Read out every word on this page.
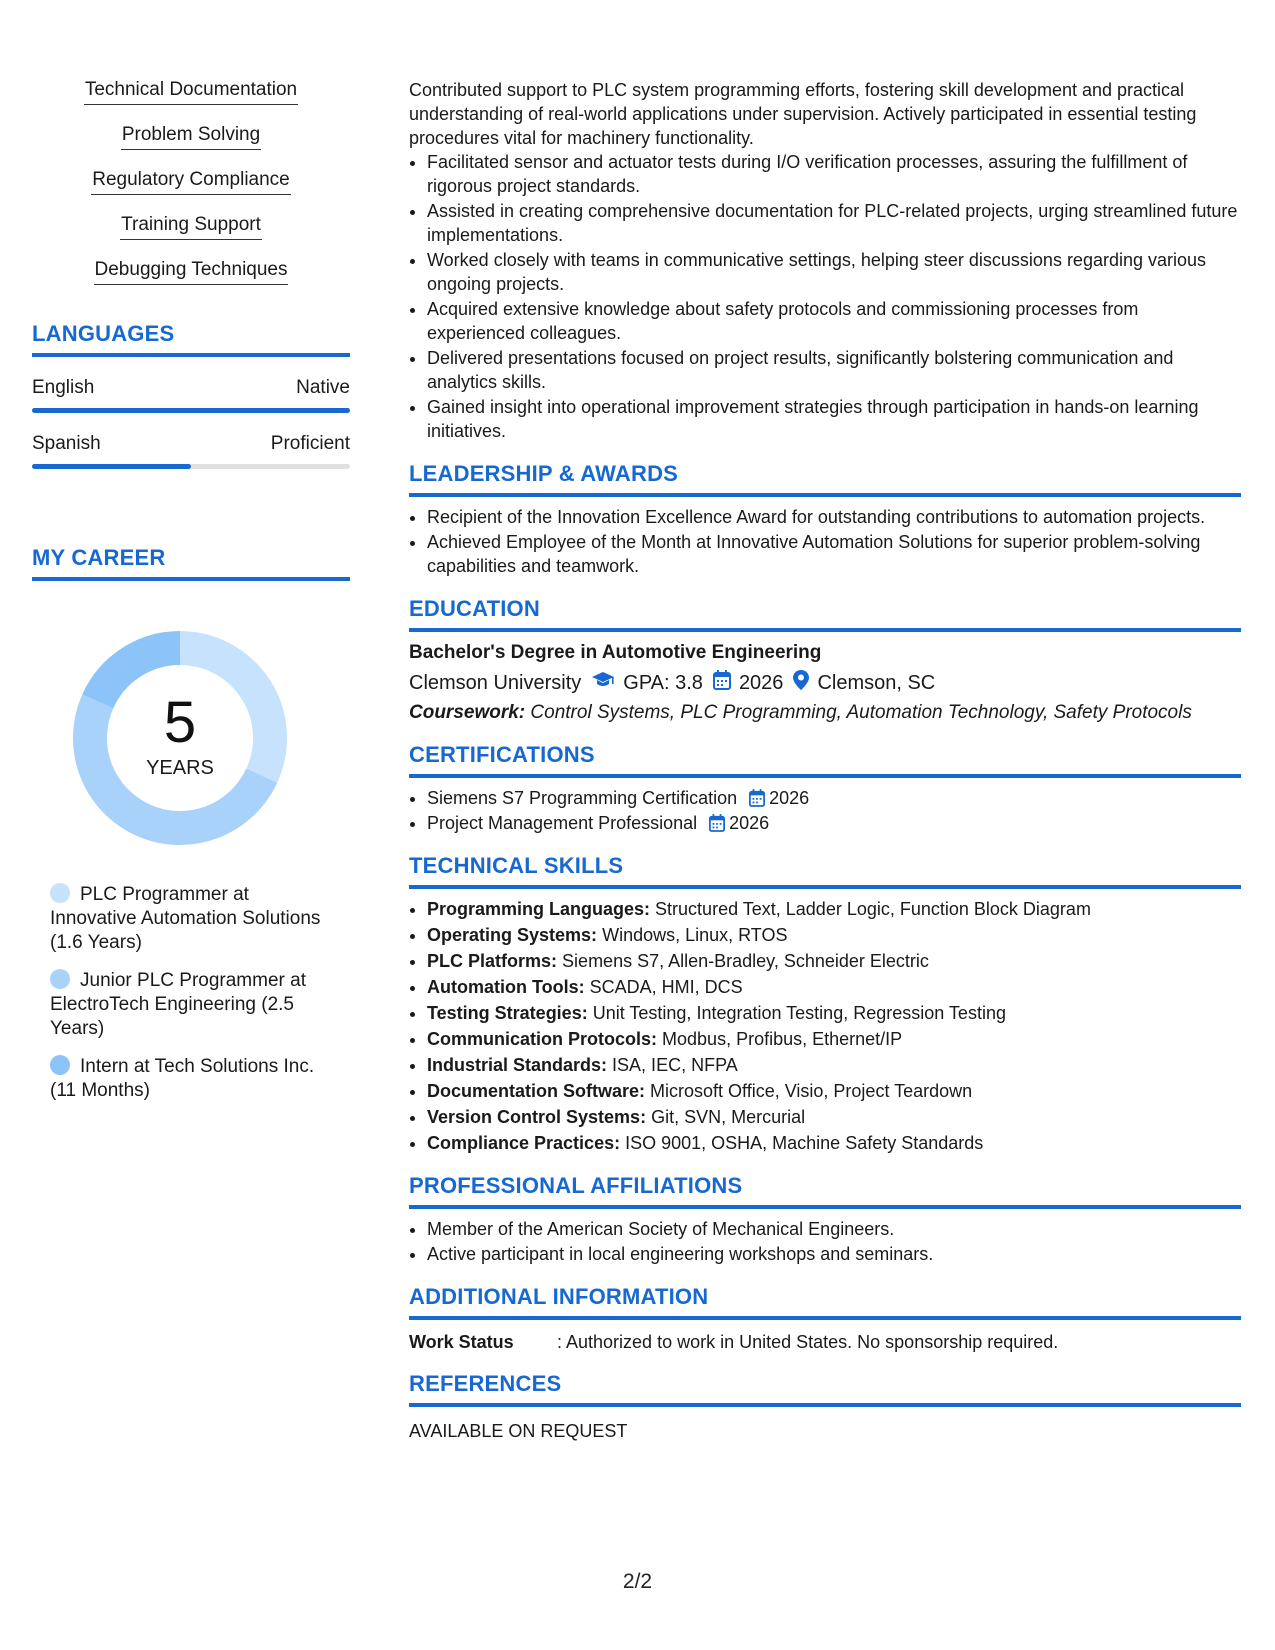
Technical Documentation
Problem Solving
Regulatory Compliance
Training Support
Debugging Techniques
LANGUAGES
English	Native
Spanish	Proficient
MY CAREER
5
YEARS
PLC Programmer at Innovative Automation Solutions (1.6 Years)
Junior PLC Programmer at ElectroTech Engineering (2.5 Years)
Intern at Tech Solutions Inc. (11 Months)

Contributed support to PLC system programming efforts, fostering skill development and practical understanding of real-world applications under supervision. Actively participated in essential testing procedures vital for machinery functionality.

• Facilitated sensor and actuator tests during I/O verification processes, assuring the fulfillment of rigorous project standards.
• Assisted in creating comprehensive documentation for PLC-related projects, urging streamlined future implementations.
• Worked closely with teams in communicative settings, helping steer discussions regarding various ongoing projects.
• Acquired extensive knowledge about safety protocols and commissioning processes from experienced colleagues.
• Delivered presentations focused on project results, significantly bolstering communication and analytics skills.
• Gained insight into operational improvement strategies through participation in hands-on learning initiatives.
LEADERSHIP & AWARDS
• Recipient of the Innovation Excellence Award for outstanding contributions to automation projects.
• Achieved Employee of the Month at Innovative Automation Solutions for superior problem-solving capabilities and teamwork.
EDUCATION
Bachelor's Degree in Automotive Engineering
Clemson University GPA: 3.8 2026 Clemson, SC
Coursework: Control Systems, PLC Programming, Automation Technology, Safety Protocols
CERTIFICATIONS
• Siemens S7 Programming Certification 2026
• Project Management Professional 2026
TECHNICAL SKILLS
• Programming Languages: Structured Text, Ladder Logic, Function Block Diagram
• Operating Systems: Windows, Linux, RTOS
• PLC Platforms: Siemens S7, Allen-Bradley, Schneider Electric
• Automation Tools: SCADA, HMI, DCS
• Testing Strategies: Unit Testing, Integration Testing, Regression Testing
• Communication Protocols: Modbus, Profibus, Ethernet/IP
• Industrial Standards: ISA, IEC, NFPA
• Documentation Software: Microsoft Office, Visio, Project Teardown
• Version Control Systems: Git, SVN, Mercurial
• Compliance Practices: ISO 9001, OSHA, Machine Safety Standards
PROFESSIONAL AFFILIATIONS
• Member of the American Society of Mechanical Engineers.
• Active participant in local engineering workshops and seminars.
ADDITIONAL INFORMATION
Work Status	: Authorized to work in United States. No sponsorship required.
REFERENCES
AVAILABLE ON REQUEST
2/2
